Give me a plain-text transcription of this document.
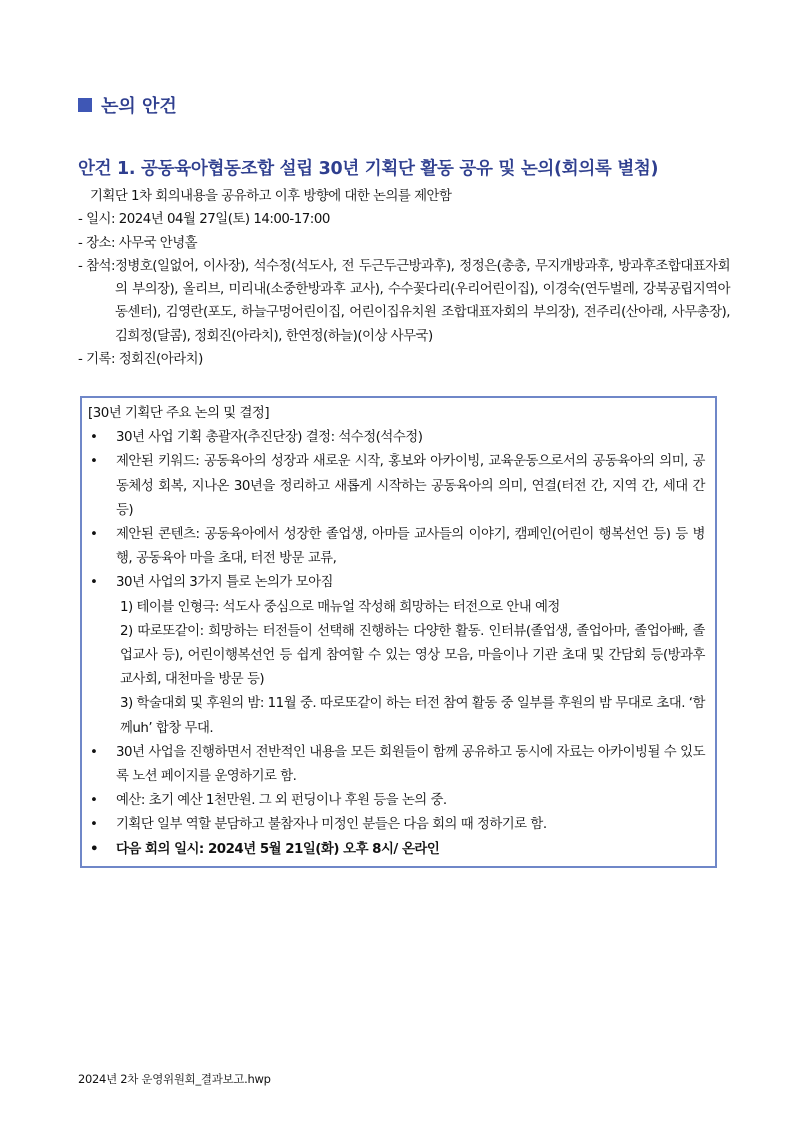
논의 안건
안건 1. 공동육아협동조합 설립 30년 기획단 활동 공유 및 논의(회의록 별첨)
기획단 1차 회의내용을 공유하고 이후 방향에 대한 논의를 제안함
- 일시: 2024년 04월 27일(토) 14:00-17:00
- 장소: 사무국 안녕홀
- 참석: 정병호(일없어, 이사장), 석수정(석도사, 전 두근두근방과후), 정정은(총총, 무지개방과후, 방과후조합대표자회의 부의장), 올리브, 미리내(소중한방과후 교사), 수수꽃다리(우리어린이집), 이경숙(연두벌레, 강북공립지역아동센터), 김영란(포도, 하늘구멍어린이집, 어린이집유치원 조합대표자회의 부의장), 전주리(산아래, 사무총장), 김희정(달콤), 정회진(아라치), 한연정(하늘)(이상 사무국)
- 기록: 정회진(아라치)
[30년 기획단 주요 논의 및 결정]
•	30년 사업 기획 총괄자(추진단장) 결정: 석수정(석수정)
•	제안된 키워드: 공동육아의 성장과 새로운 시작, 홍보와 아카이빙, 교육운동으로서의 공동육아의 의미, 공동체성 회복, 지나온 30년을 정리하고 새롭게 시작하는 공동육아의 의미, 연결(터전 간, 지역 간, 세대 간 등)
•	제안된 콘텐츠: 공동육아에서 성장한 졸업생, 아마들 교사들의 이야기, 캠페인(어린이 행복선언 등) 등 병행, 공동육아 마을 초대, 터전 방문 교류,
•	30년 사업의 3가지 틀로 논의가 모아짐
1) 테이블 인형극: 석도사 중심으로 매뉴얼 작성해 희망하는 터전으로 안내 예정
2) 따로또같이: 희망하는 터전들이 선택해 진행하는 다양한 활동. 인터뷰(졸업생, 졸업아마, 졸업아빠, 졸업교사 등), 어린이행복선언 등 쉽게 참여할 수 있는 영상 모음, 마을이나 기관 초대 및 간담회 등(방과후 교사회, 대천마을 방문 등)
3) 학술대회 및 후원의 밤: 11월 중. 따로또같이 하는 터전 참여 활동 중 일부를 후원의 밤 무대로 초대. ‘함께uh’ 합창 무대.
•	30년 사업을 진행하면서 전반적인 내용을 모든 회원들이 함께 공유하고 동시에 자료는 아카이빙될 수 있도록 노션 페이지를 운영하기로 함.
•	예산: 초기 예산 1천만원. 그 외 펀딩이나 후원 등을 논의 중.
•	기획단 일부 역할 분담하고 불참자나 미정인 분들은 다음 회의 때 정하기로 함.
•	다음 회의 일시: 2024년 5월 21일(화) 오후 8시/ 온라인
2024년 2차 운영위원회_결과보고.hwp
